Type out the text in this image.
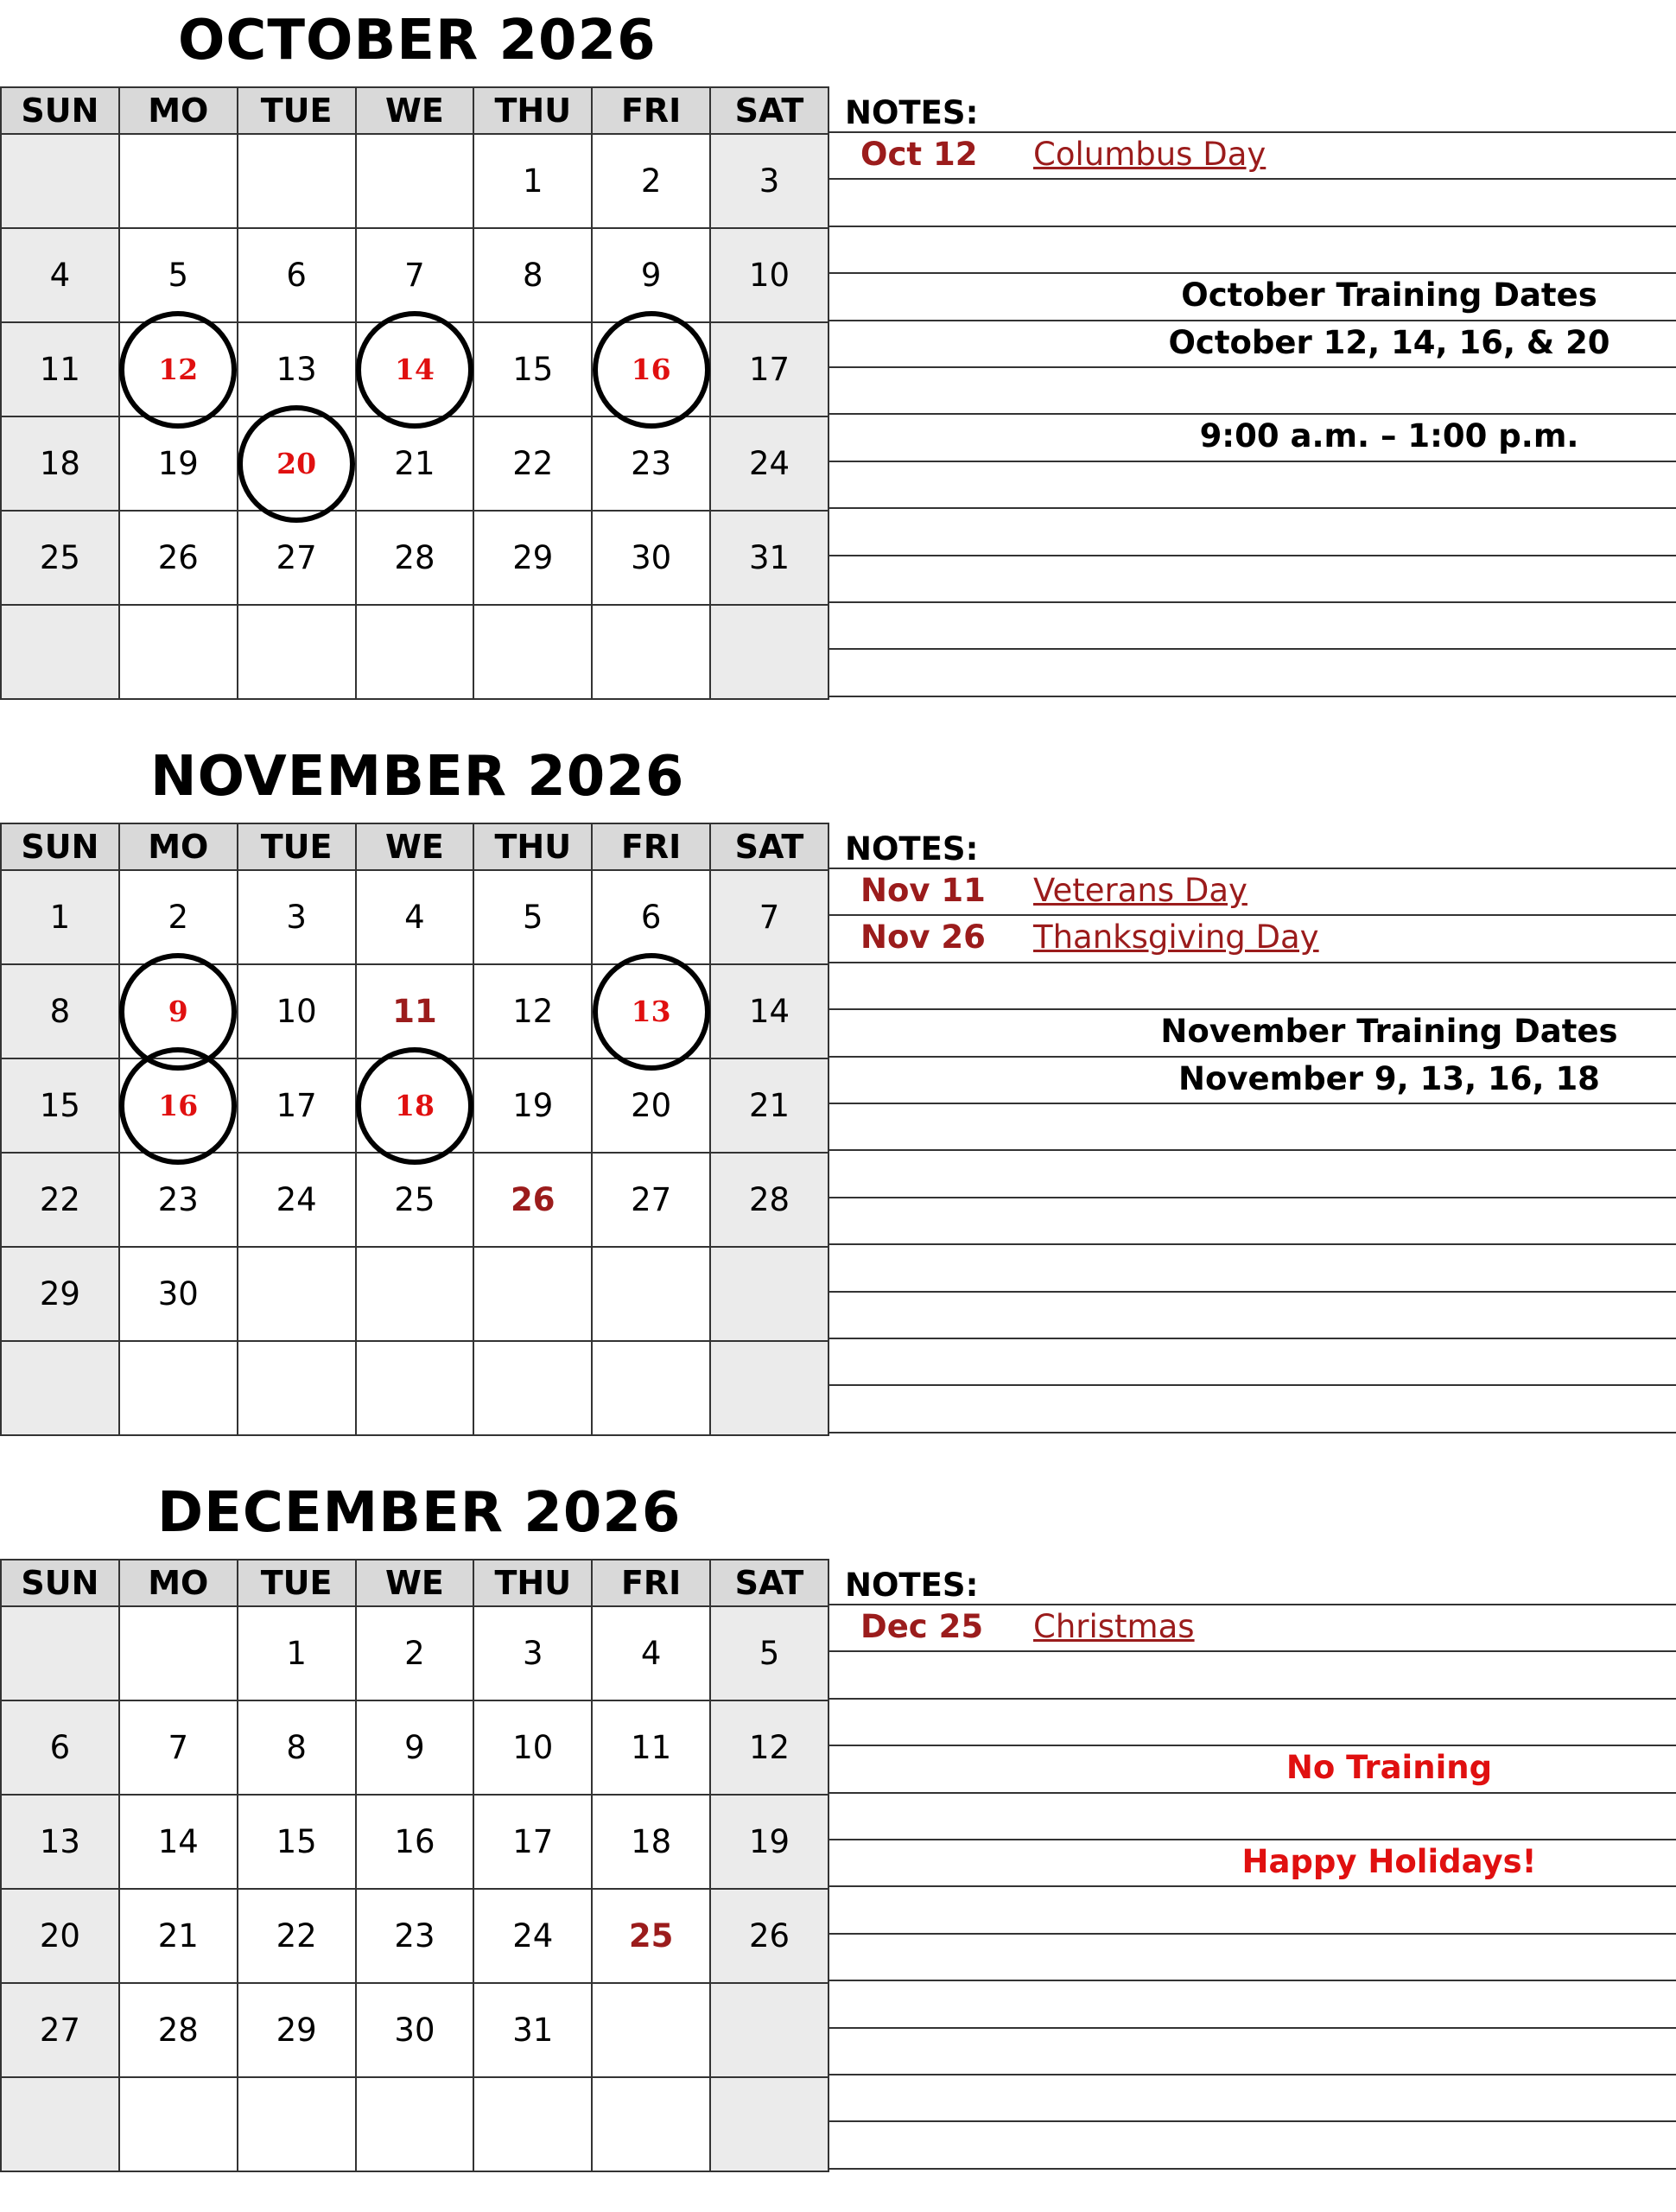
OCTOBER 2026
SUN	MO	TUE	WE	THU	FRI	SAT
				1	2	3
4	5	6	7	8	9	10
11	12	13	14	15	16	17
18	19	20	21	22	23	24
25	26	27	28	29	30	31

NOTES:
Oct 12 Columbus Day
October Training Dates
October 12, 14, 16, & 20
9:00 a.m. – 1:00 p.m.
NOVEMBER 2026
SUN	MO	TUE	WE	THU	FRI	SAT
1	2	3	4	5	6	7
8	9	10	11	12	13	14
15	16	17	18	19	20	21
22	23	24	25	26	27	28
29	30					

NOTES:
Nov 11 Veterans Day
Nov 26 Thanksgiving Day
November Training Dates
November 9, 13, 16, 18
DECEMBER 2026
SUN	MO	TUE	WE	THU	FRI	SAT
		1	2	3	4	5
6	7	8	9	10	11	12
13	14	15	16	17	18	19
20	21	22	23	24	25	26
27	28	29	30	31		

NOTES:
Dec 25 Christmas
No Training
Happy Holidays!
